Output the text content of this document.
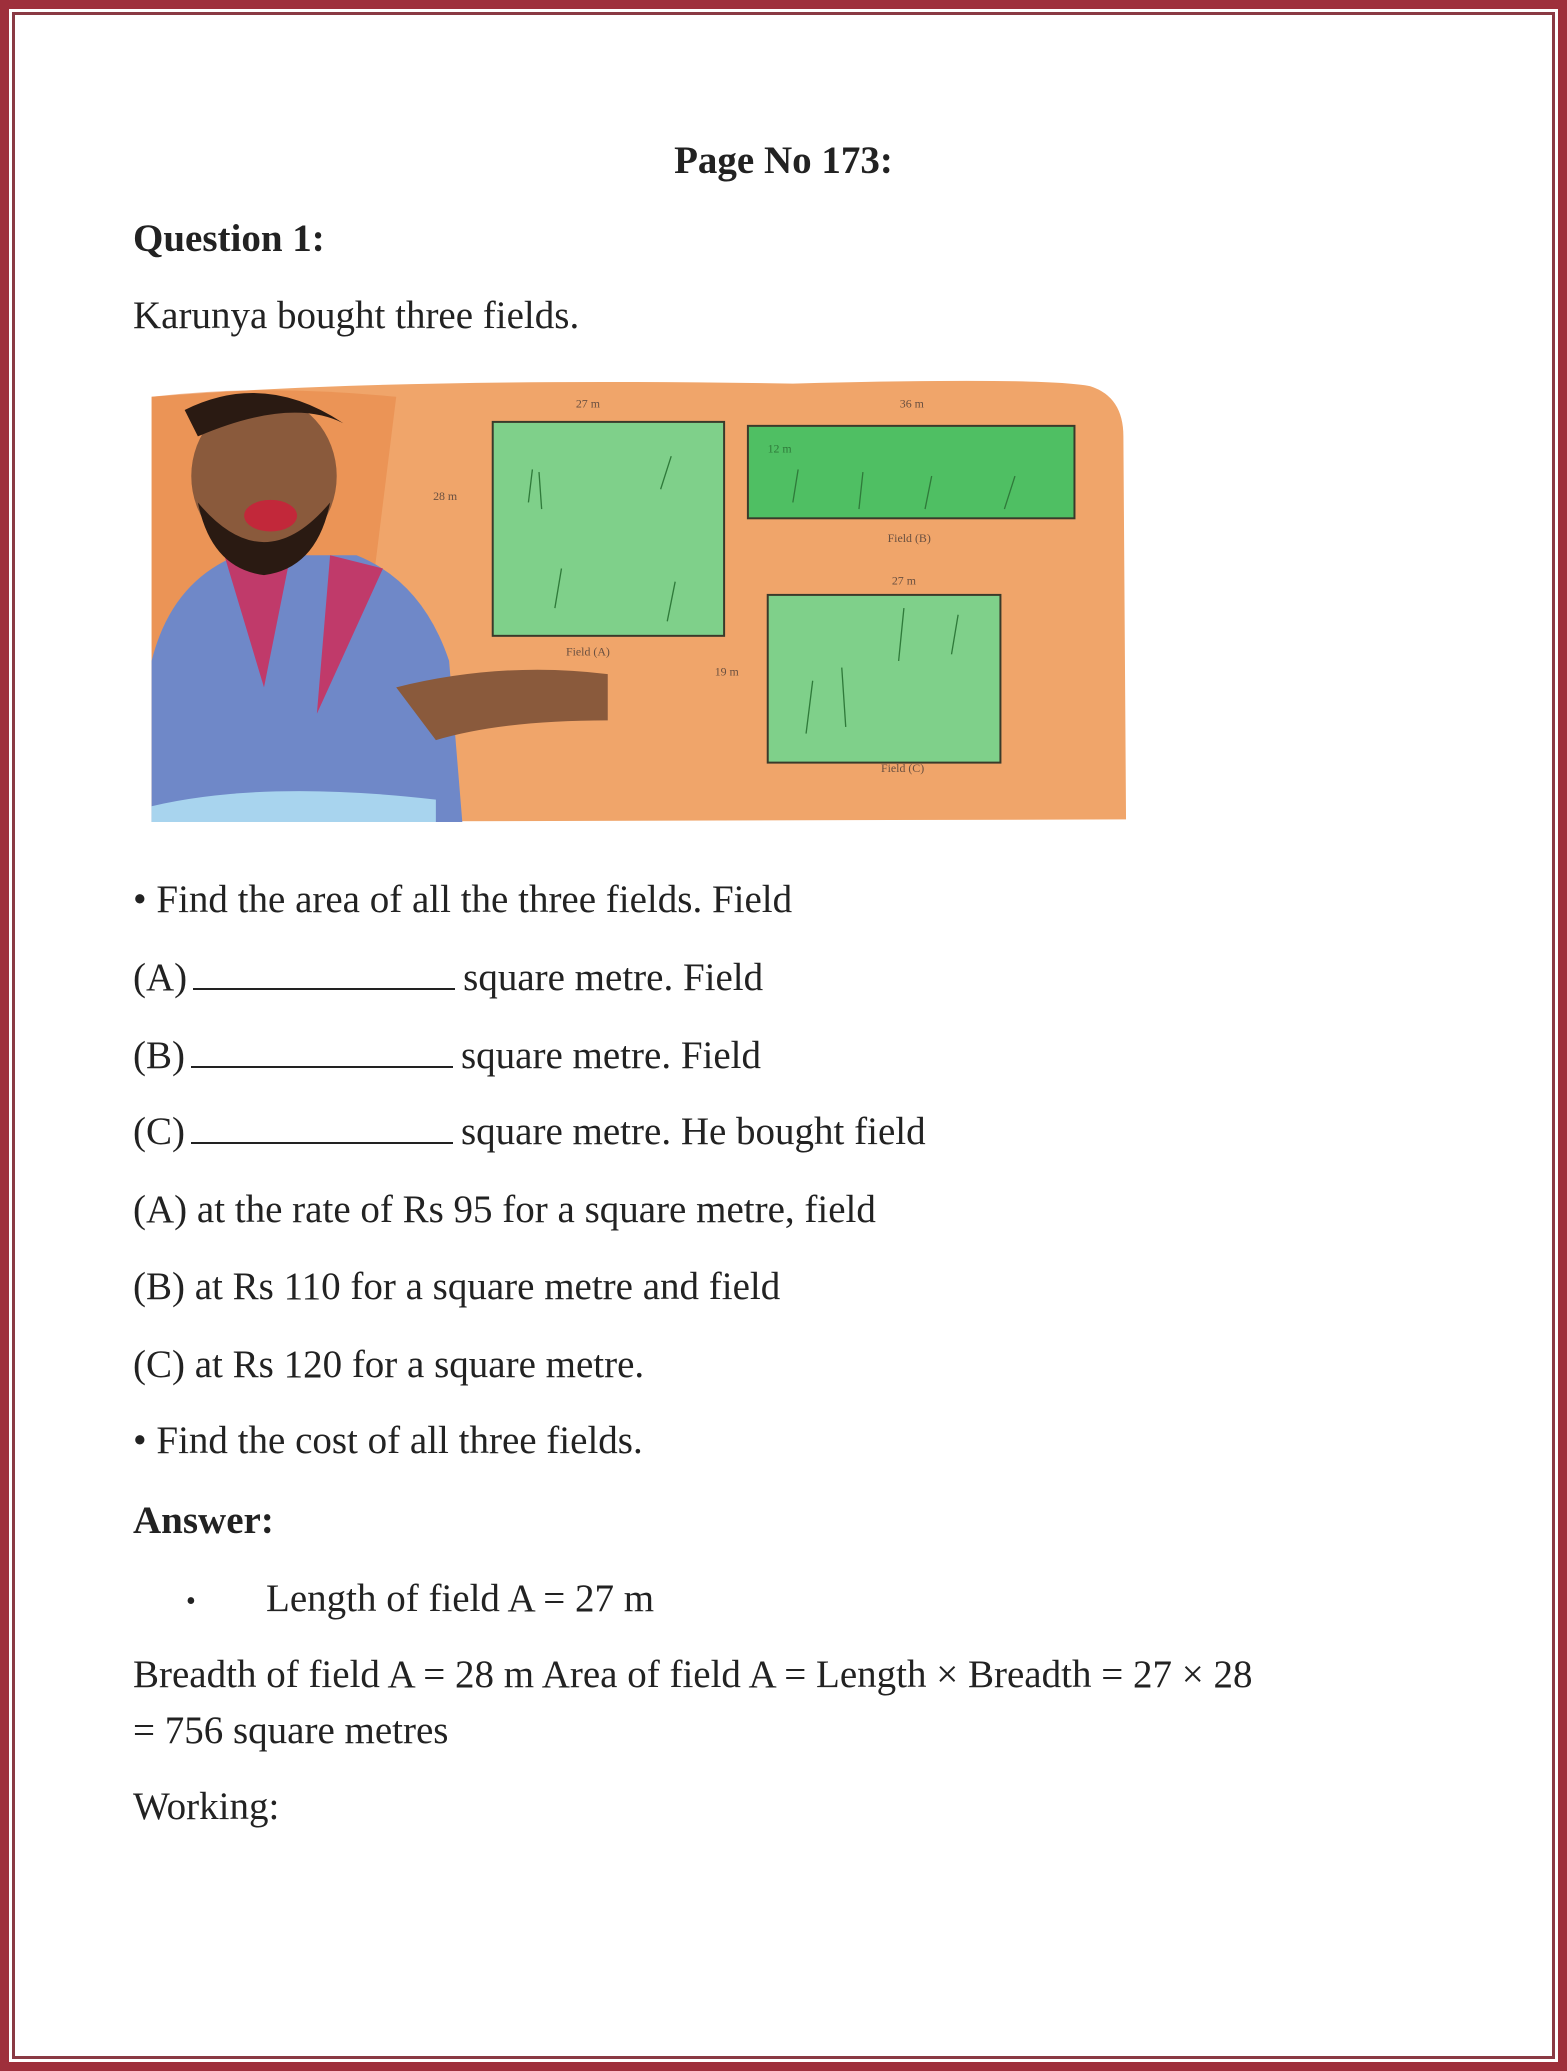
Page No 173:
Question 1:
Karunya bought three fields.
27 m
28 m
Field (A)
36 m
12 m
Field (B)
27 m
19 m
Field (C)
• Find the area of all the three fields. Field
(A)	square metre. Field
(B)	square metre. Field
(C)	square metre. He bought field
(A) at the rate of Rs 95 for a square metre, field
(B) at Rs 110 for a square metre and field
(C) at Rs 120 for a square metre.
• Find the cost of all three fields.
Answer:
• Length of field A = 27 m
Breadth of field A = 28 m Area of field A = Length × Breadth = 27 × 28
= 756 square metres
Working:
